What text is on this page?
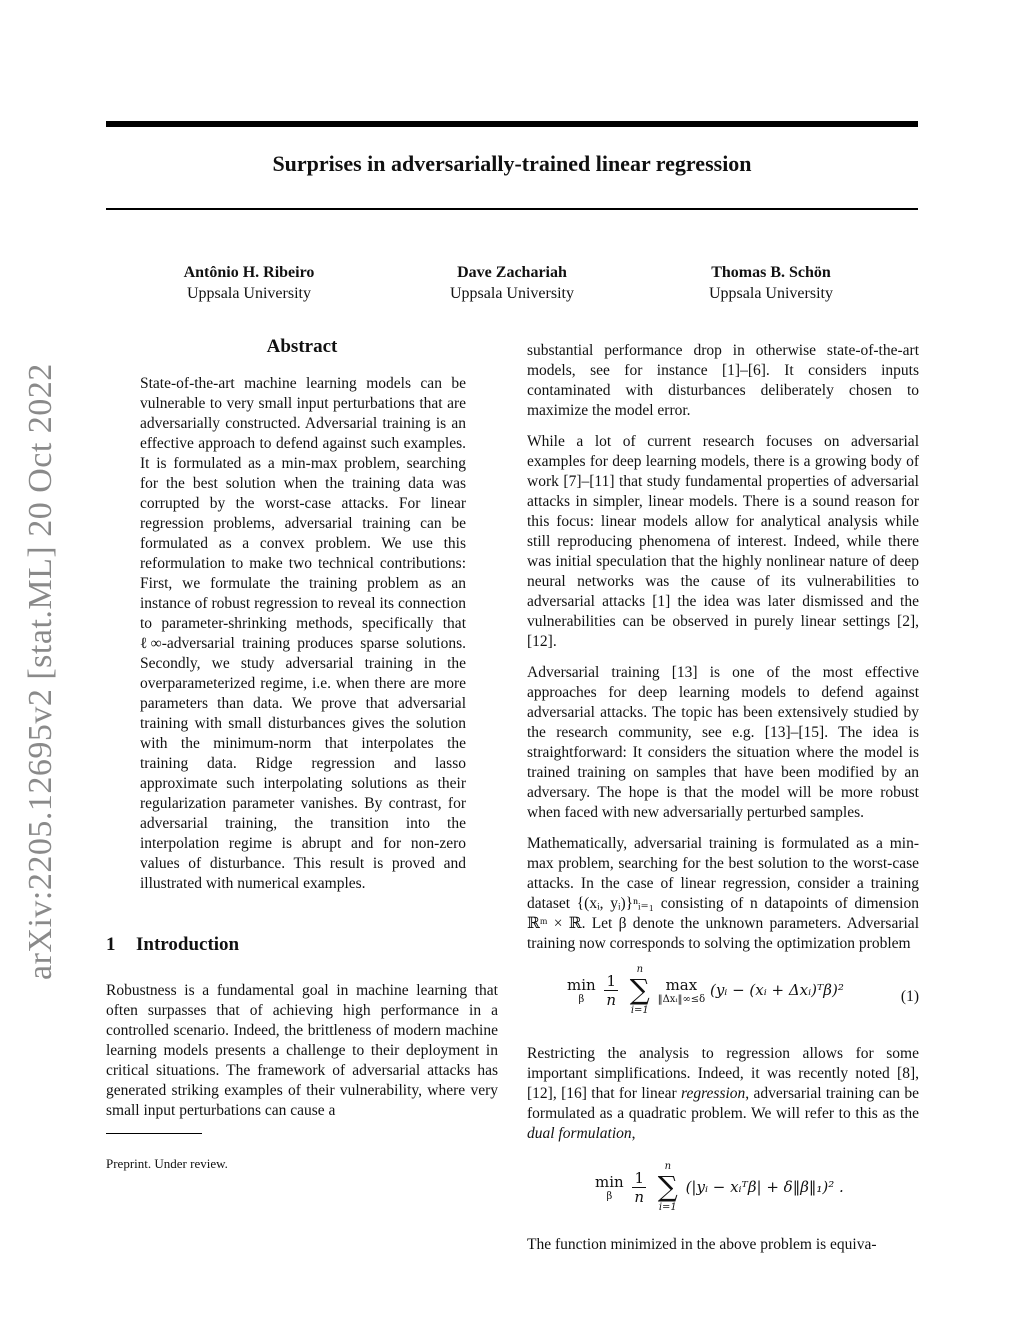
Surprises in adversarially-trained linear regression
Antônio H. Ribeiro
Uppsala University
Dave Zachariah
Uppsala University
Thomas B. Schön
Uppsala University
arXiv:2205.12695v2 [stat.ML] 20 Oct 2022
Abstract

State-of-the-art machine learning models can be vulnerable to very small input perturbations that are adversarially constructed. Adversarial training is an effective approach to defend against such examples. It is formulated as a min-max problem, searching for the best solution when the training data was corrupted by the worst-case attacks. For linear regression problems, adversarial training can be formulated as a convex problem. We use this reformulation to make two technical contributions: First, we formulate the training problem as an instance of robust regression to reveal its connection to parameter-shrinking methods, specifically that ℓ∞-adversarial training produces sparse solutions. Secondly, we study adversarial training in the overparameterized regime, i.e. when there are more parameters than data. We prove that adversarial training with small disturbances gives the solution with the minimum-norm that interpolates the training data. Ridge regression and lasso approximate such interpolating solutions as their regularization parameter vanishes. By contrast, for adversarial training, the transition into the interpolation regime is abrupt and for non-zero values of disturbance. This result is proved and illustrated with numerical examples.

1 Introduction

Robustness is a fundamental goal in machine learning that often surpasses that of achieving high performance in a controlled scenario. Indeed, the brittleness of modern machine learning models presents a challenge to their deployment in critical situations. The framework of adversarial attacks has generated striking examples of their vulnerability, where very small input perturbations can cause a

Preprint. Under review.

substantial performance drop in otherwise state-of-the-art models, see for instance [1]–[6]. It considers inputs contaminated with disturbances deliberately chosen to maximize the model error.

While a lot of current research focuses on adversarial examples for deep learning models, there is a growing body of work [7]–[11] that study fundamental properties of adversarial attacks in simpler, linear models. There is a sound reason for this focus: linear models allow for analytical analysis while still reproducing phenomena of interest. Indeed, while there was initial speculation that the highly nonlinear nature of deep neural networks was the cause of its vulnerabilities to adversarial attacks [1] the idea was later dismissed and the vulnerabilities can be observed in purely linear settings [2], [12].

Adversarial training [13] is one of the most effective approaches for deep learning models to defend against adversarial attacks. The topic has been extensively studied by the research community, see e.g. [13]–[15]. The idea is straightforward: It considers the situation where the model is trained training on samples that have been modified by an adversary. The hope is that the model will be more robust when faced with new adversarially perturbed samples.

Mathematically, adversarial training is formulated as a min-max problem, searching for the best solution to the worst-case attacks. In the case of linear regression, consider a training dataset {(xᵢ, yᵢ)}ⁿᵢ₌₁ consisting of n datapoints of dimension ℝᵐ × ℝ. Let β denote the unknown parameters. Adversarial training now corresponds to solving the optimization problem

min
β
	$\frac{1}{n}$

n
∑
i=1
max
‖Δxᵢ‖∞≤δ (yᵢ − (xᵢ + Δxᵢ)ᵀβ)²	(1)

Restricting the analysis to regression allows for some important simplifications. Indeed, it was recently noted [8], [12], [16] that for linear regression, adversarial training can be formulated as a quadratic problem. We will refer to this as the dual formulation,

min
β
	$\frac{1}{n}$

n
∑
i=1
(|yᵢ − xᵢᵀβ| + δ‖β‖₁)² .

The function minimized in the above problem is equiva-
